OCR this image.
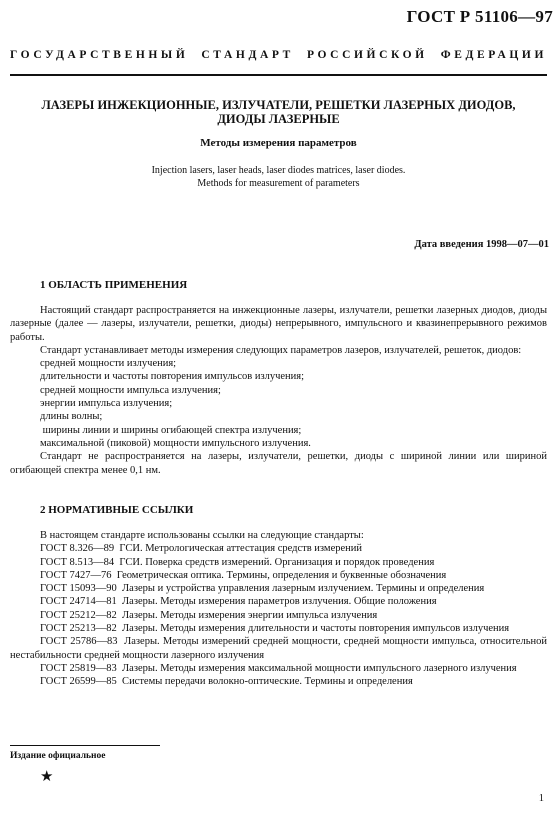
ГОСТ Р 51106—97
ГОСУДАРСТВЕННЫЙ СТАНДАРТ РОССИЙСКОЙ ФЕДЕРАЦИИ
ЛАЗЕРЫ ИНЖЕКЦИОННЫЕ, ИЗЛУЧАТЕЛИ, РЕШЕТКИ ЛАЗЕРНЫХ ДИОДОВ,
ДИОДЫ ЛАЗЕРНЫЕ
Методы измерения параметров
Injection lasers, laser heads, laser diodes matrices, laser diodes.
Methods for measurement of parameters
Дата введения 1998—07—01
1 ОБЛАСТЬ ПРИМЕНЕНИЯ

Настоящий стандарт распространяется на инжекционные лазеры, излучатели, решетки лазерных диодов, диоды лазерные (далее — лазеры, излучатели, решетки, диоды) непрерывного, импульсного и квазинепрерывного режимов работы.

Стандарт устанавливает методы измерения следующих параметров лазеров, излучателей, решеток, диодов:

средней мощности излучения;

длительности и частоты повторения импульсов излучения;

средней мощности импульса излучения;

энергии импульса излучения;

длины волны;

ширины линии и ширины огибающей спектра излучения;

максимальной (пиковой) мощности импульсного излучения.

Стандарт не распространяется на лазеры, излучатели, решетки, диоды с шириной линии или шириной огибающей спектра менее 0,1 нм.

2 НОРМАТИВНЫЕ ССЫЛКИ

В настоящем стандарте использованы ссылки на следующие стандарты:

ГОСТ 8.326—89  ГСИ. Метрологическая аттестация средств измерений

ГОСТ 8.513—84  ГСИ. Поверка средств измерений. Организация и порядок проведения

ГОСТ 7427—76  Геометрическая оптика. Термины, определения и буквенные обозначения

ГОСТ 15093—90  Лазеры и устройства управления лазерным излучением. Термины и определения

ГОСТ 24714—81  Лазеры. Методы измерения параметров излучения. Общие положения

ГОСТ 25212—82  Лазеры. Методы измерения энергии импульса излучения

ГОСТ 25213—82  Лазеры. Методы измерения длительности и частоты повторения импульсов излучения

ГОСТ 25786—83  Лазеры. Методы измерений средней мощности, средней мощности импульса, относительной нестабильности средней мощности лазерного излучения

ГОСТ 25819—83  Лазеры. Методы измерения максимальной мощности импульсного лазерного излучения

ГОСТ 26599—85  Системы передачи волокно-оптические. Термины и определения

Издание официальное
★
1
